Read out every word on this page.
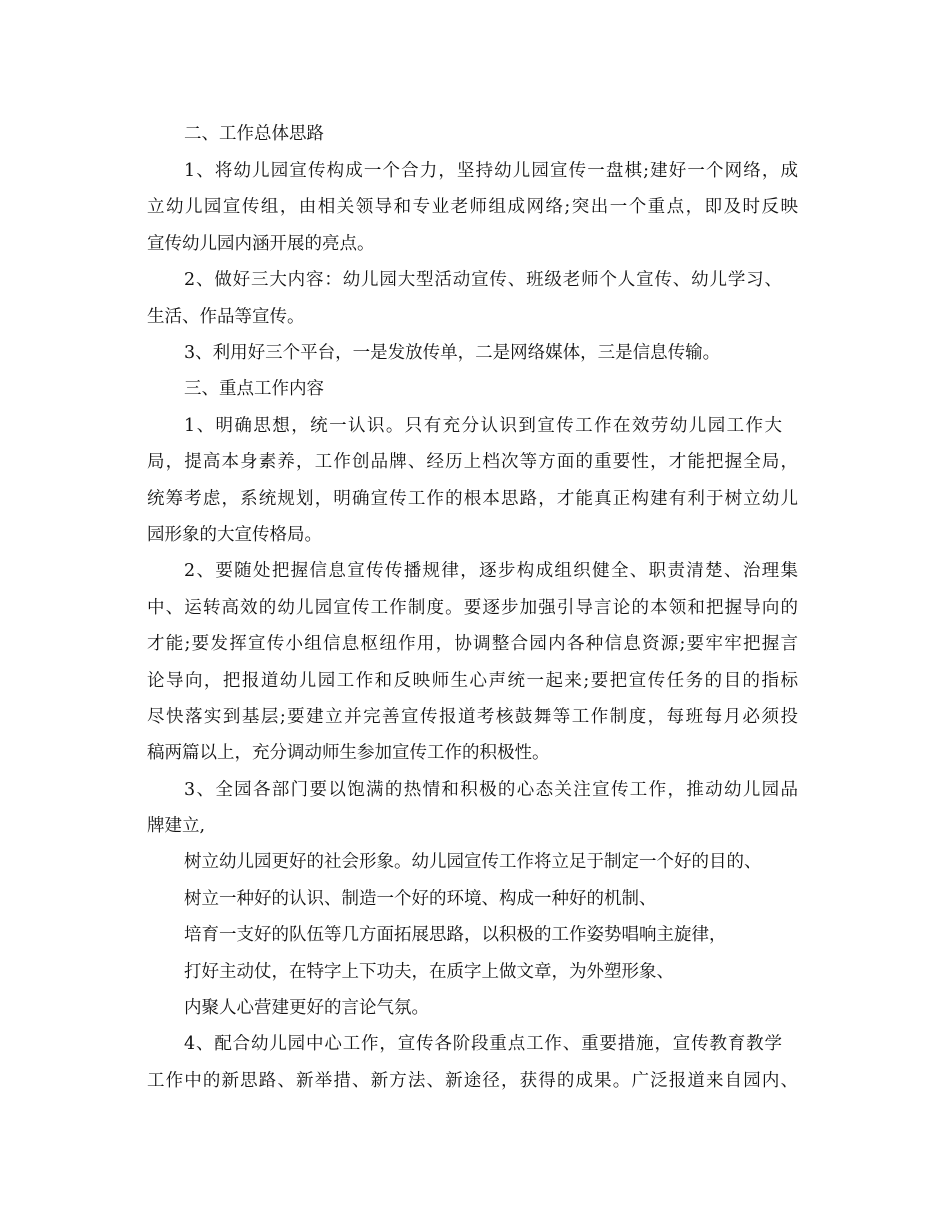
二、工作总体思路

1、将幼儿园宣传构成一个合力，坚持幼儿园宣传一盘棋;建好一个网络，成

立幼儿园宣传组，由相关领导和专业老师组成网络;突出一个重点，即及时反映

宣传幼儿园内涵开展的亮点。

2、做好三大内容：幼儿园大型活动宣传、班级老师个人宣传、幼儿学习、

生活、作品等宣传。

3、利用好三个平台，一是发放传单，二是网络媒体，三是信息传输。

三、重点工作内容

1、明确思想，统一认识。只有充分认识到宣传工作在效劳幼儿园工作大

局，提高本身素养，工作创品牌、经历上档次等方面的重要性，才能把握全局，

统筹考虑，系统规划，明确宣传工作的根本思路，才能真正构建有利于树立幼儿

园形象的大宣传格局。

2、要随处把握信息宣传传播规律，逐步构成组织健全、职责清楚、治理集

中、运转高效的幼儿园宣传工作制度。要逐步加强引导言论的本领和把握导向的

才能;要发挥宣传小组信息枢纽作用，协调整合园内各种信息资源;要牢牢把握言

论导向，把报道幼儿园工作和反映师生心声统一起来;要把宣传任务的目的指标

尽快落实到基层;要建立并完善宣传报道考核鼓舞等工作制度，每班每月必须投

稿两篇以上，充分调动师生参加宣传工作的积极性。

3、全园各部门要以饱满的热情和积极的心态关注宣传工作，推动幼儿园品

牌建立,

树立幼儿园更好的社会形象。幼儿园宣传工作将立足于制定一个好的目的、

树立一种好的认识、制造一个好的环境、构成一种好的机制、

培育一支好的队伍等几方面拓展思路，以积极的工作姿势唱响主旋律，

打好主动仗，在特字上下功夫，在质字上做文章，为外塑形象、

内聚人心营建更好的言论气氛。

4、配合幼儿园中心工作，宣传各阶段重点工作、重要措施，宣传教育教学

工作中的新思路、新举措、新方法、新途径，获得的成果。广泛报道来自园内、
